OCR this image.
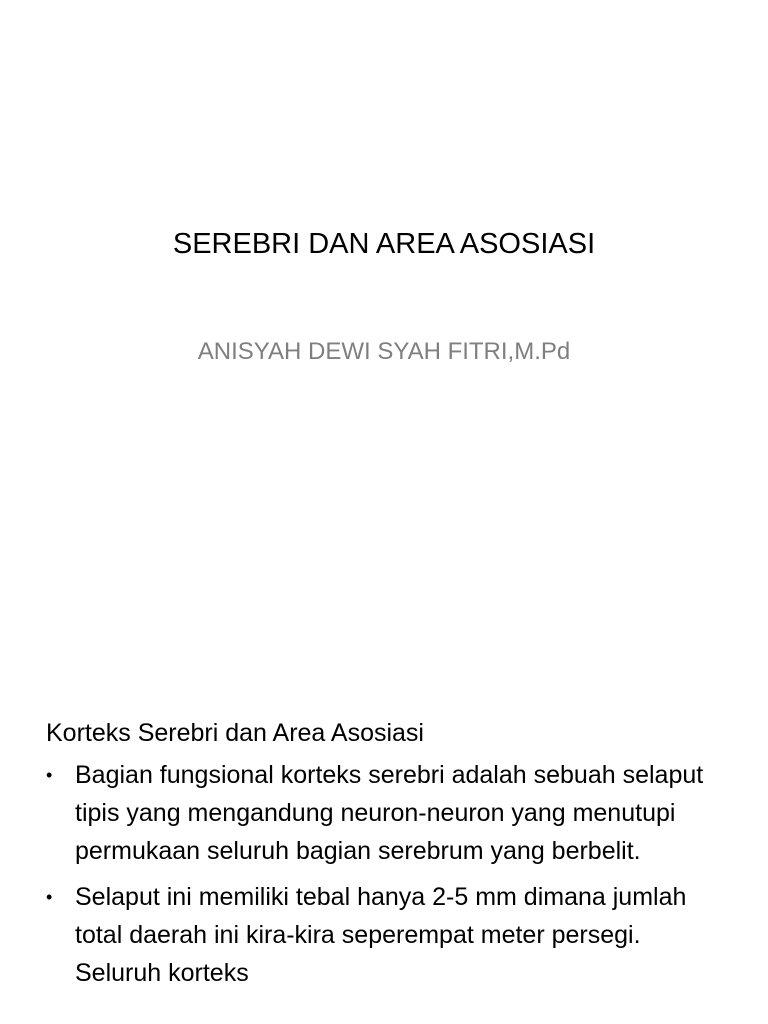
SEREBRI DAN AREA ASOSIASI
ANISYAH DEWI SYAH FITRI,M.Pd
Korteks Serebri dan Area Asosiasi
• Bagian fungsional korteks serebri adalah sebuah selaput tipis yang mengandung neuron-neuron yang menutupi permukaan seluruh bagian serebrum yang berbelit.
• Selaput ini memiliki tebal hanya 2-5 mm dimana jumlah total daerah ini kira-kira seperempat meter persegi. Seluruh korteks
